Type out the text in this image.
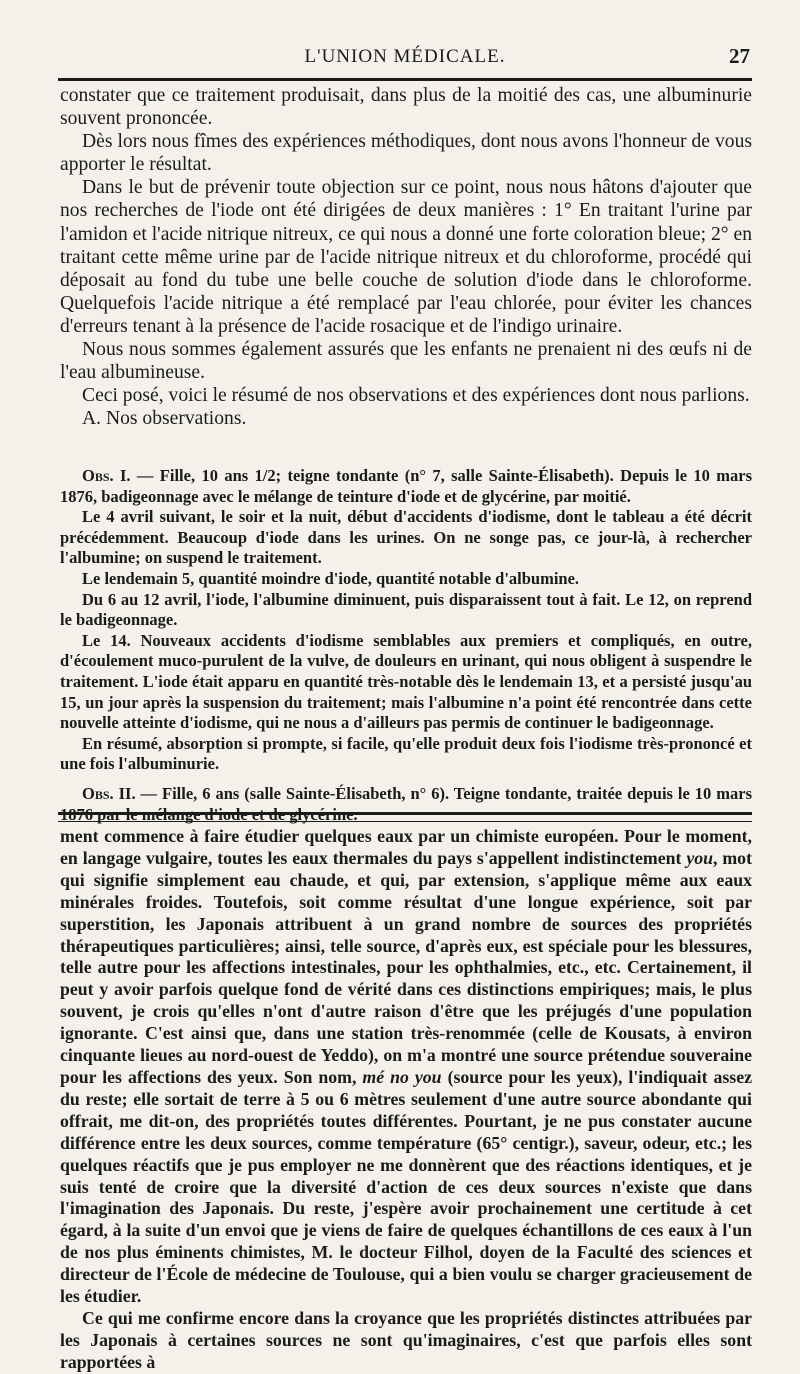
L'UNION MÉDICALE.	27

constater que ce traitement produisait, dans plus de la moitié des cas, une albuminurie souvent prononcée.

Dès lors nous fîmes des expériences méthodiques, dont nous avons l'honneur de vous apporter le résultat.

Dans le but de prévenir toute objection sur ce point, nous nous hâtons d'ajouter que nos recherches de l'iode ont été dirigées de deux manières : 1° En traitant l'urine par l'amidon et l'acide nitrique nitreux, ce qui nous a donné une forte coloration bleue; 2° en traitant cette même urine par de l'acide nitrique nitreux et du chloroforme, procédé qui déposait au fond du tube une belle couche de solution d'iode dans le chloroforme. Quelquefois l'acide nitrique a été remplacé par l'eau chlorée, pour éviter les chances d'erreurs tenant à la présence de l'acide rosacique et de l'indigo urinaire.

Nous nous sommes également assurés que les enfants ne prenaient ni des œufs ni de l'eau albumineuse.

Ceci posé, voici le résumé de nos observations et des expériences dont nous parlions.

A. Nos observations.

Obs. I. — Fille, 10 ans 1/2; teigne tondante (n° 7, salle Sainte-Élisabeth). Depuis le 10 mars 1876, badigeonnage avec le mélange de teinture d'iode et de glycérine, par moitié.

Le 4 avril suivant, le soir et la nuit, début d'accidents d'iodisme, dont le tableau a été décrit précédemment. Beaucoup d'iode dans les urines. On ne songe pas, ce jour-là, à rechercher l'albumine; on suspend le traitement.

Le lendemain 5, quantité moindre d'iode, quantité notable d'albumine.

Du 6 au 12 avril, l'iode, l'albumine diminuent, puis disparaissent tout à fait. Le 12, on reprend le badigeonnage.

Le 14. Nouveaux accidents d'iodisme semblables aux premiers et compliqués, en outre, d'écoulement muco-purulent de la vulve, de douleurs en urinant, qui nous obligent à suspendre le traitement. L'iode était apparu en quantité très-notable dès le lendemain 13, et a persisté jusqu'au 15, un jour après la suspension du traitement; mais l'albumine n'a point été rencontrée dans cette nouvelle atteinte d'iodisme, qui ne nous a d'ailleurs pas permis de continuer le badigeonnage.

En résumé, absorption si prompte, si facile, qu'elle produit deux fois l'iodisme très-prononcé et une fois l'albuminurie.

Obs. II. — Fille, 6 ans (salle Sainte-Élisabeth, n° 6). Teigne tondante, traitée depuis le 10 mars 1876 par le mélange d'iode et de glycérine.

ment commence à faire étudier quelques eaux par un chimiste européen. Pour le moment, en langage vulgaire, toutes les eaux thermales du pays s'appellent indistinctement you, mot qui signifie simplement eau chaude, et qui, par extension, s'applique même aux eaux minérales froides. Toutefois, soit comme résultat d'une longue expérience, soit par superstition, les Japonais attribuent à un grand nombre de sources des propriétés thérapeutiques particulières; ainsi, telle source, d'après eux, est spéciale pour les blessures, telle autre pour les affections intestinales, pour les ophthalmies, etc., etc. Certainement, il peut y avoir parfois quelque fond de vérité dans ces distinctions empiriques; mais, le plus souvent, je crois qu'elles n'ont d'autre raison d'être que les préjugés d'une population ignorante. C'est ainsi que, dans une station très-renommée (celle de Kousats, à environ cinquante lieues au nord-ouest de Yeddo), on m'a montré une source prétendue souveraine pour les affections des yeux. Son nom, mé no you (source pour les yeux), l'indiquait assez du reste; elle sortait de terre à 5 ou 6 mètres seulement d'une autre source abondante qui offrait, me dit-on, des propriétés toutes différentes. Pourtant, je ne pus constater aucune différence entre les deux sources, comme température (65° centigr.), saveur, odeur, etc.; les quelques réactifs que je pus employer ne me donnèrent que des réactions identiques, et je suis tenté de croire que la diversité d'action de ces deux sources n'existe que dans l'imagination des Japonais. Du reste, j'espère avoir prochainement une certitude à cet égard, à la suite d'un envoi que je viens de faire de quelques échantillons de ces eaux à l'un de nos plus éminents chimistes, M. le docteur Filhol, doyen de la Faculté des sciences et directeur de l'École de médecine de Toulouse, qui a bien voulu se charger gracieusement de les étudier.

Ce qui me confirme encore dans la croyance que les propriétés distinctes attribuées par les Japonais à certaines sources ne sont qu'imaginaires, c'est que parfois elles sont rapportées à
